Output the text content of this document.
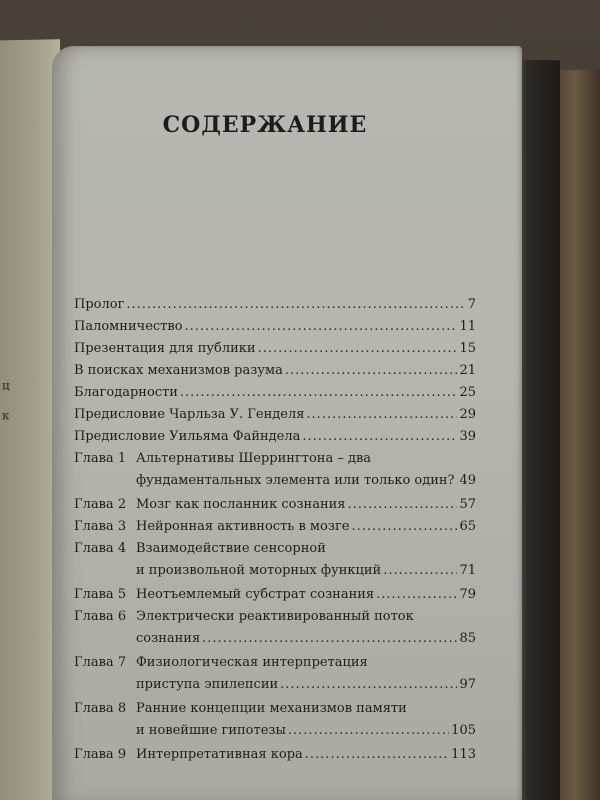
ц
κ
СОДЕРЖАНИЕ
Пролог .....	7
Паломничество .....	11
Презентация для публики .....	15
В поисках механизмов разума .....	21
Благодарности .....	25
Предисловие Чарльза У. Генделя .....	29
Предисловие Уильяма Файндела .....	39
Глава 1 Альтернативы Шеррингтона – два
фундаментальных элемента или только один? ..... 49
Глава 2 Мозг как посланник сознания .....	57
Глава 3 Нейронная активность в мозге .....	65
Глава 4 Взаимодействие сенсорной
и произвольной моторных функций .....	71
Глава 5 Неотъемлемый субстрат сознания .....	79
Глава 6 Электрически реактивированный поток
сознания .....	85
Глава 7 Физиологическая интерпретация
приступа эпилепсии .....	97
Глава 8 Ранние концепции механизмов памяти
и новейшие гипотезы .....	105
Глава 9 Интерпретативная кора .....	113
